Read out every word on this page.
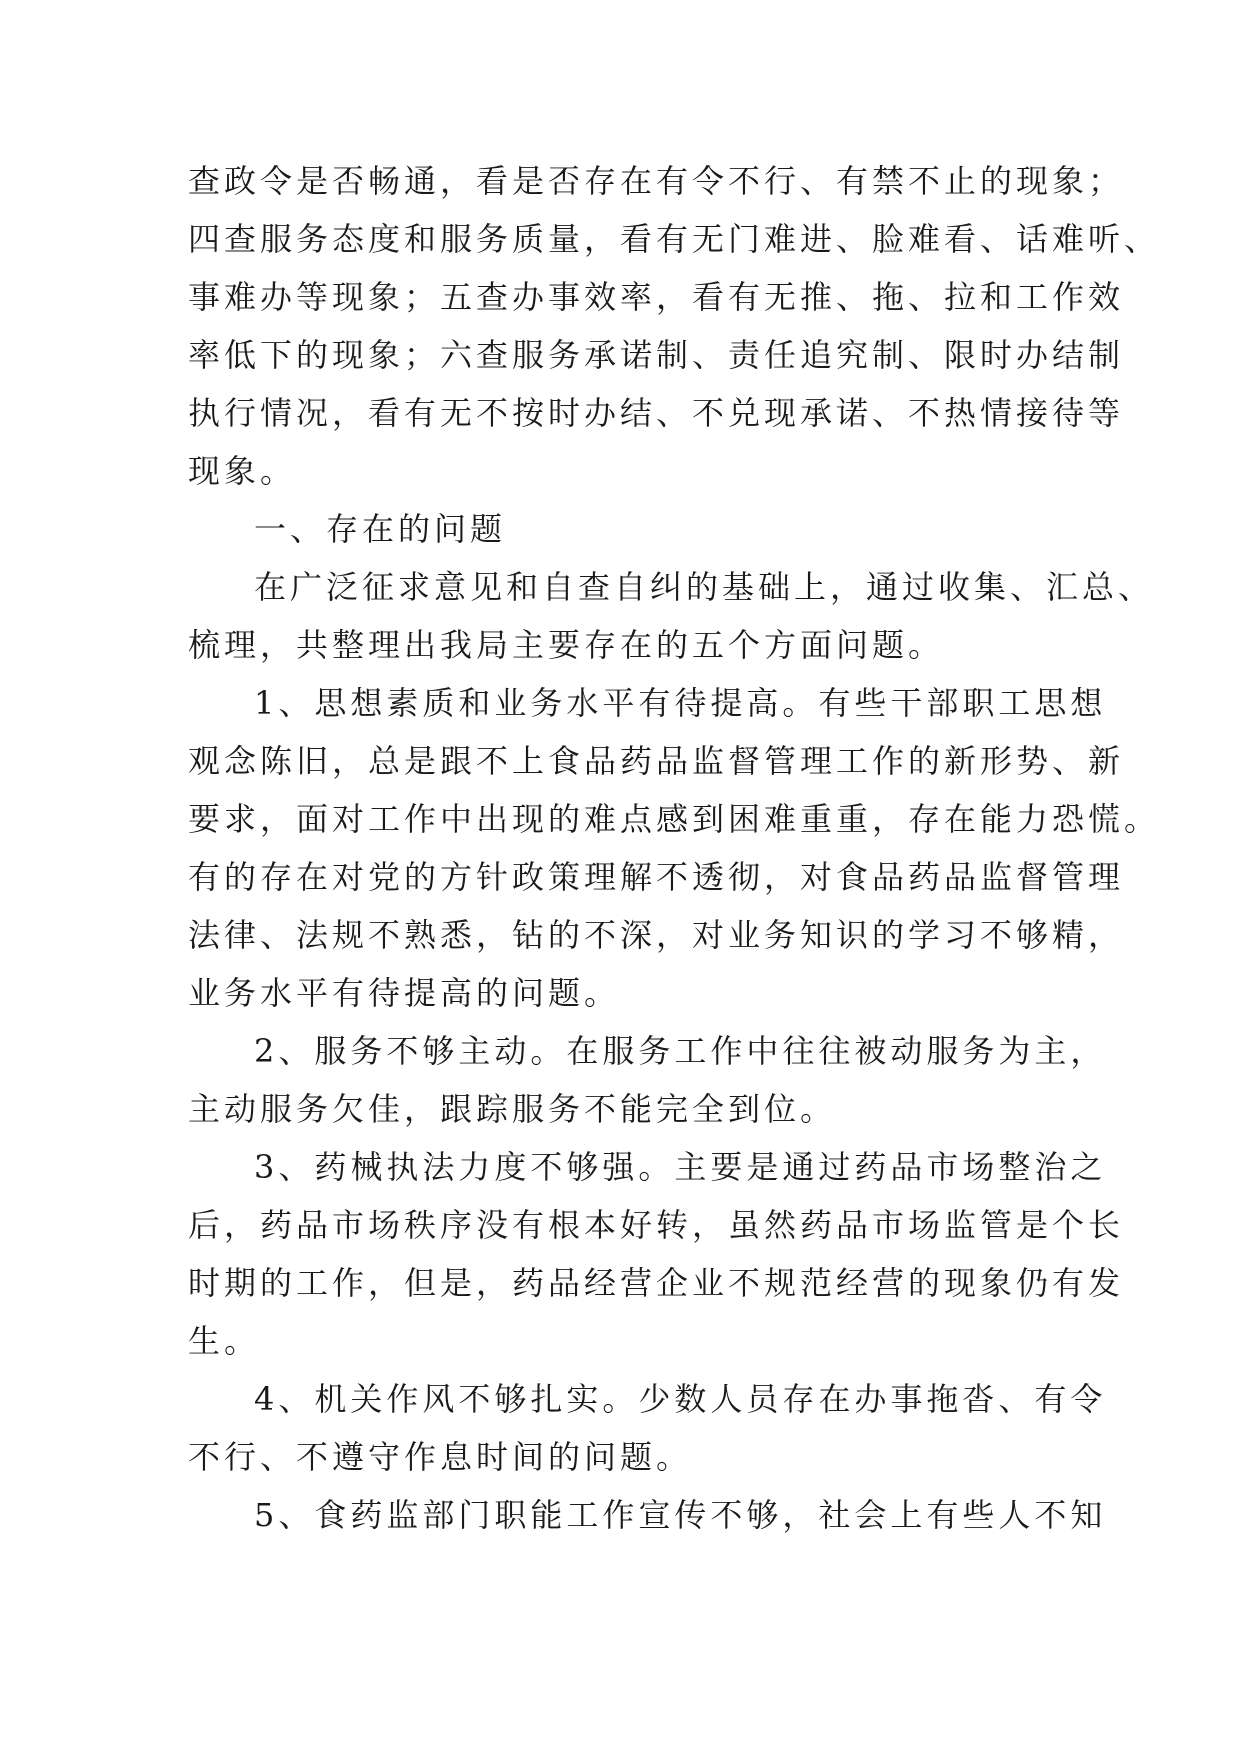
查政令是否畅通，看是否存在有令不行、有禁不止的现象；
四查服务态度和服务质量，看有无门难进、脸难看、话难听、
事难办等现象；五查办事效率，看有无推、拖、拉和工作效
率低下的现象；六查服务承诺制、责任追究制、限时办结制
执行情况，看有无不按时办结、不兑现承诺、不热情接待等
现象。
一、存在的问题
在广泛征求意见和自查自纠的基础上，通过收集、汇总、
梳理，共整理出我局主要存在的五个方面问题。
1、思想素质和业务水平有待提高。有些干部职工思想
观念陈旧，总是跟不上食品药品监督管理工作的新形势、新
要求，面对工作中出现的难点感到困难重重，存在能力恐慌。
有的存在对党的方针政策理解不透彻，对食品药品监督管理
法律、法规不熟悉，钻的不深，对业务知识的学习不够精，
业务水平有待提高的问题。
2、服务不够主动。在服务工作中往往被动服务为主，
主动服务欠佳，跟踪服务不能完全到位。
3、药械执法力度不够强。主要是通过药品市场整治之
后，药品市场秩序没有根本好转，虽然药品市场监管是个长
时期的工作，但是，药品经营企业不规范经营的现象仍有发
生。
4、机关作风不够扎实。少数人员存在办事拖沓、有令
不行、不遵守作息时间的问题。
5、食药监部门职能工作宣传不够，社会上有些人不知
